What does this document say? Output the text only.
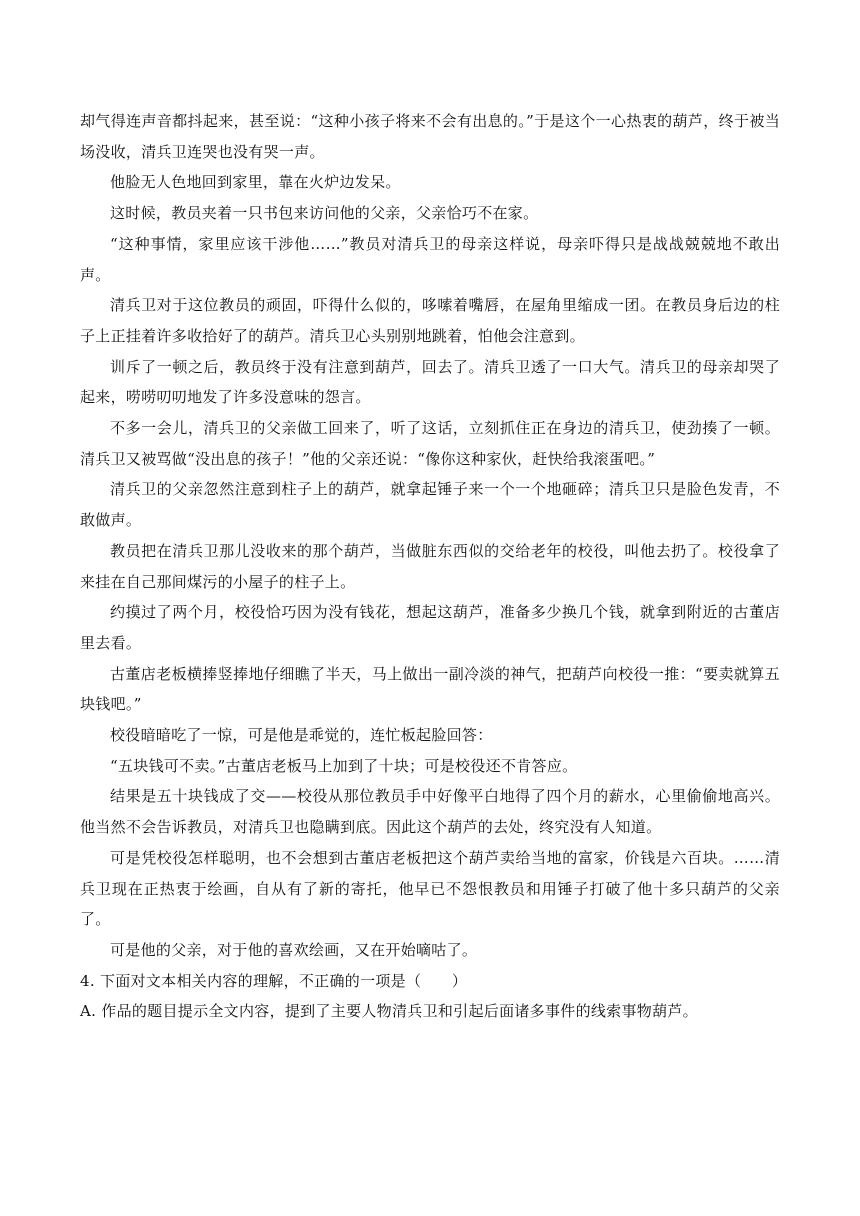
却气得连声音都抖起来，甚至说：“这种小孩子将来不会有出息的。”于是这个一心热衷的葫芦，终于被当场没收，清兵卫连哭也没有哭一声。

他脸无人色地回到家里，靠在火炉边发呆。

这时候，教员夹着一只书包来访问他的父亲，父亲恰巧不在家。

“这种事情，家里应该干涉他……”教员对清兵卫的母亲这样说，母亲吓得只是战战兢兢地不敢出声。

清兵卫对于这位教员的顽固，吓得什么似的，哆嗦着嘴唇，在屋角里缩成一团。在教员身后边的柱子上正挂着许多收拾好了的葫芦。清兵卫心头别别地跳着，怕他会注意到。

训斥了一顿之后，教员终于没有注意到葫芦，回去了。清兵卫透了一口大气。清兵卫的母亲却哭了起来，唠唠叨叨地发了许多没意味的怨言。

不多一会儿，清兵卫的父亲做工回来了，听了这话，立刻抓住正在身边的清兵卫，使劲揍了一顿。清兵卫又被骂做“没出息的孩子！”他的父亲还说：“像你这种家伙，赶快给我滚蛋吧。”

清兵卫的父亲忽然注意到柱子上的葫芦，就拿起锤子来一个一个地砸碎；清兵卫只是脸色发青，不敢做声。

教员把在清兵卫那儿没收来的那个葫芦，当做脏东西似的交给老年的校役，叫他去扔了。校役拿了来挂在自己那间煤污的小屋子的柱子上。

约摸过了两个月，校役恰巧因为没有钱花，想起这葫芦，准备多少换几个钱，就拿到附近的古董店里去看。

古董店老板横捧竖捧地仔细瞧了半天，马上做出一副冷淡的神气，把葫芦向校役一推：“要卖就算五块钱吧。”

校役暗暗吃了一惊，可是他是乖觉的，连忙板起脸回答：

“五块钱可不卖。”古董店老板马上加到了十块；可是校役还不肯答应。

结果是五十块钱成了交——校役从那位教员手中好像平白地得了四个月的薪水，心里偷偷地高兴。他当然不会告诉教员，对清兵卫也隐瞒到底。因此这个葫芦的去处，终究没有人知道。

可是凭校役怎样聪明，也不会想到古董店老板把这个葫芦卖给当地的富家，价钱是六百块。……清兵卫现在正热衷于绘画，自从有了新的寄托，他早已不怨恨教员和用锤子打破了他十多只葫芦的父亲了。

可是他的父亲，对于他的喜欢绘画，又在开始嘀咕了。

4. 下面对文本相关内容的理解，不正确的一项是（　　）

A. 作品的题目提示全文内容，提到了主要人物清兵卫和引起后面诸多事件的线索事物葫芦。
